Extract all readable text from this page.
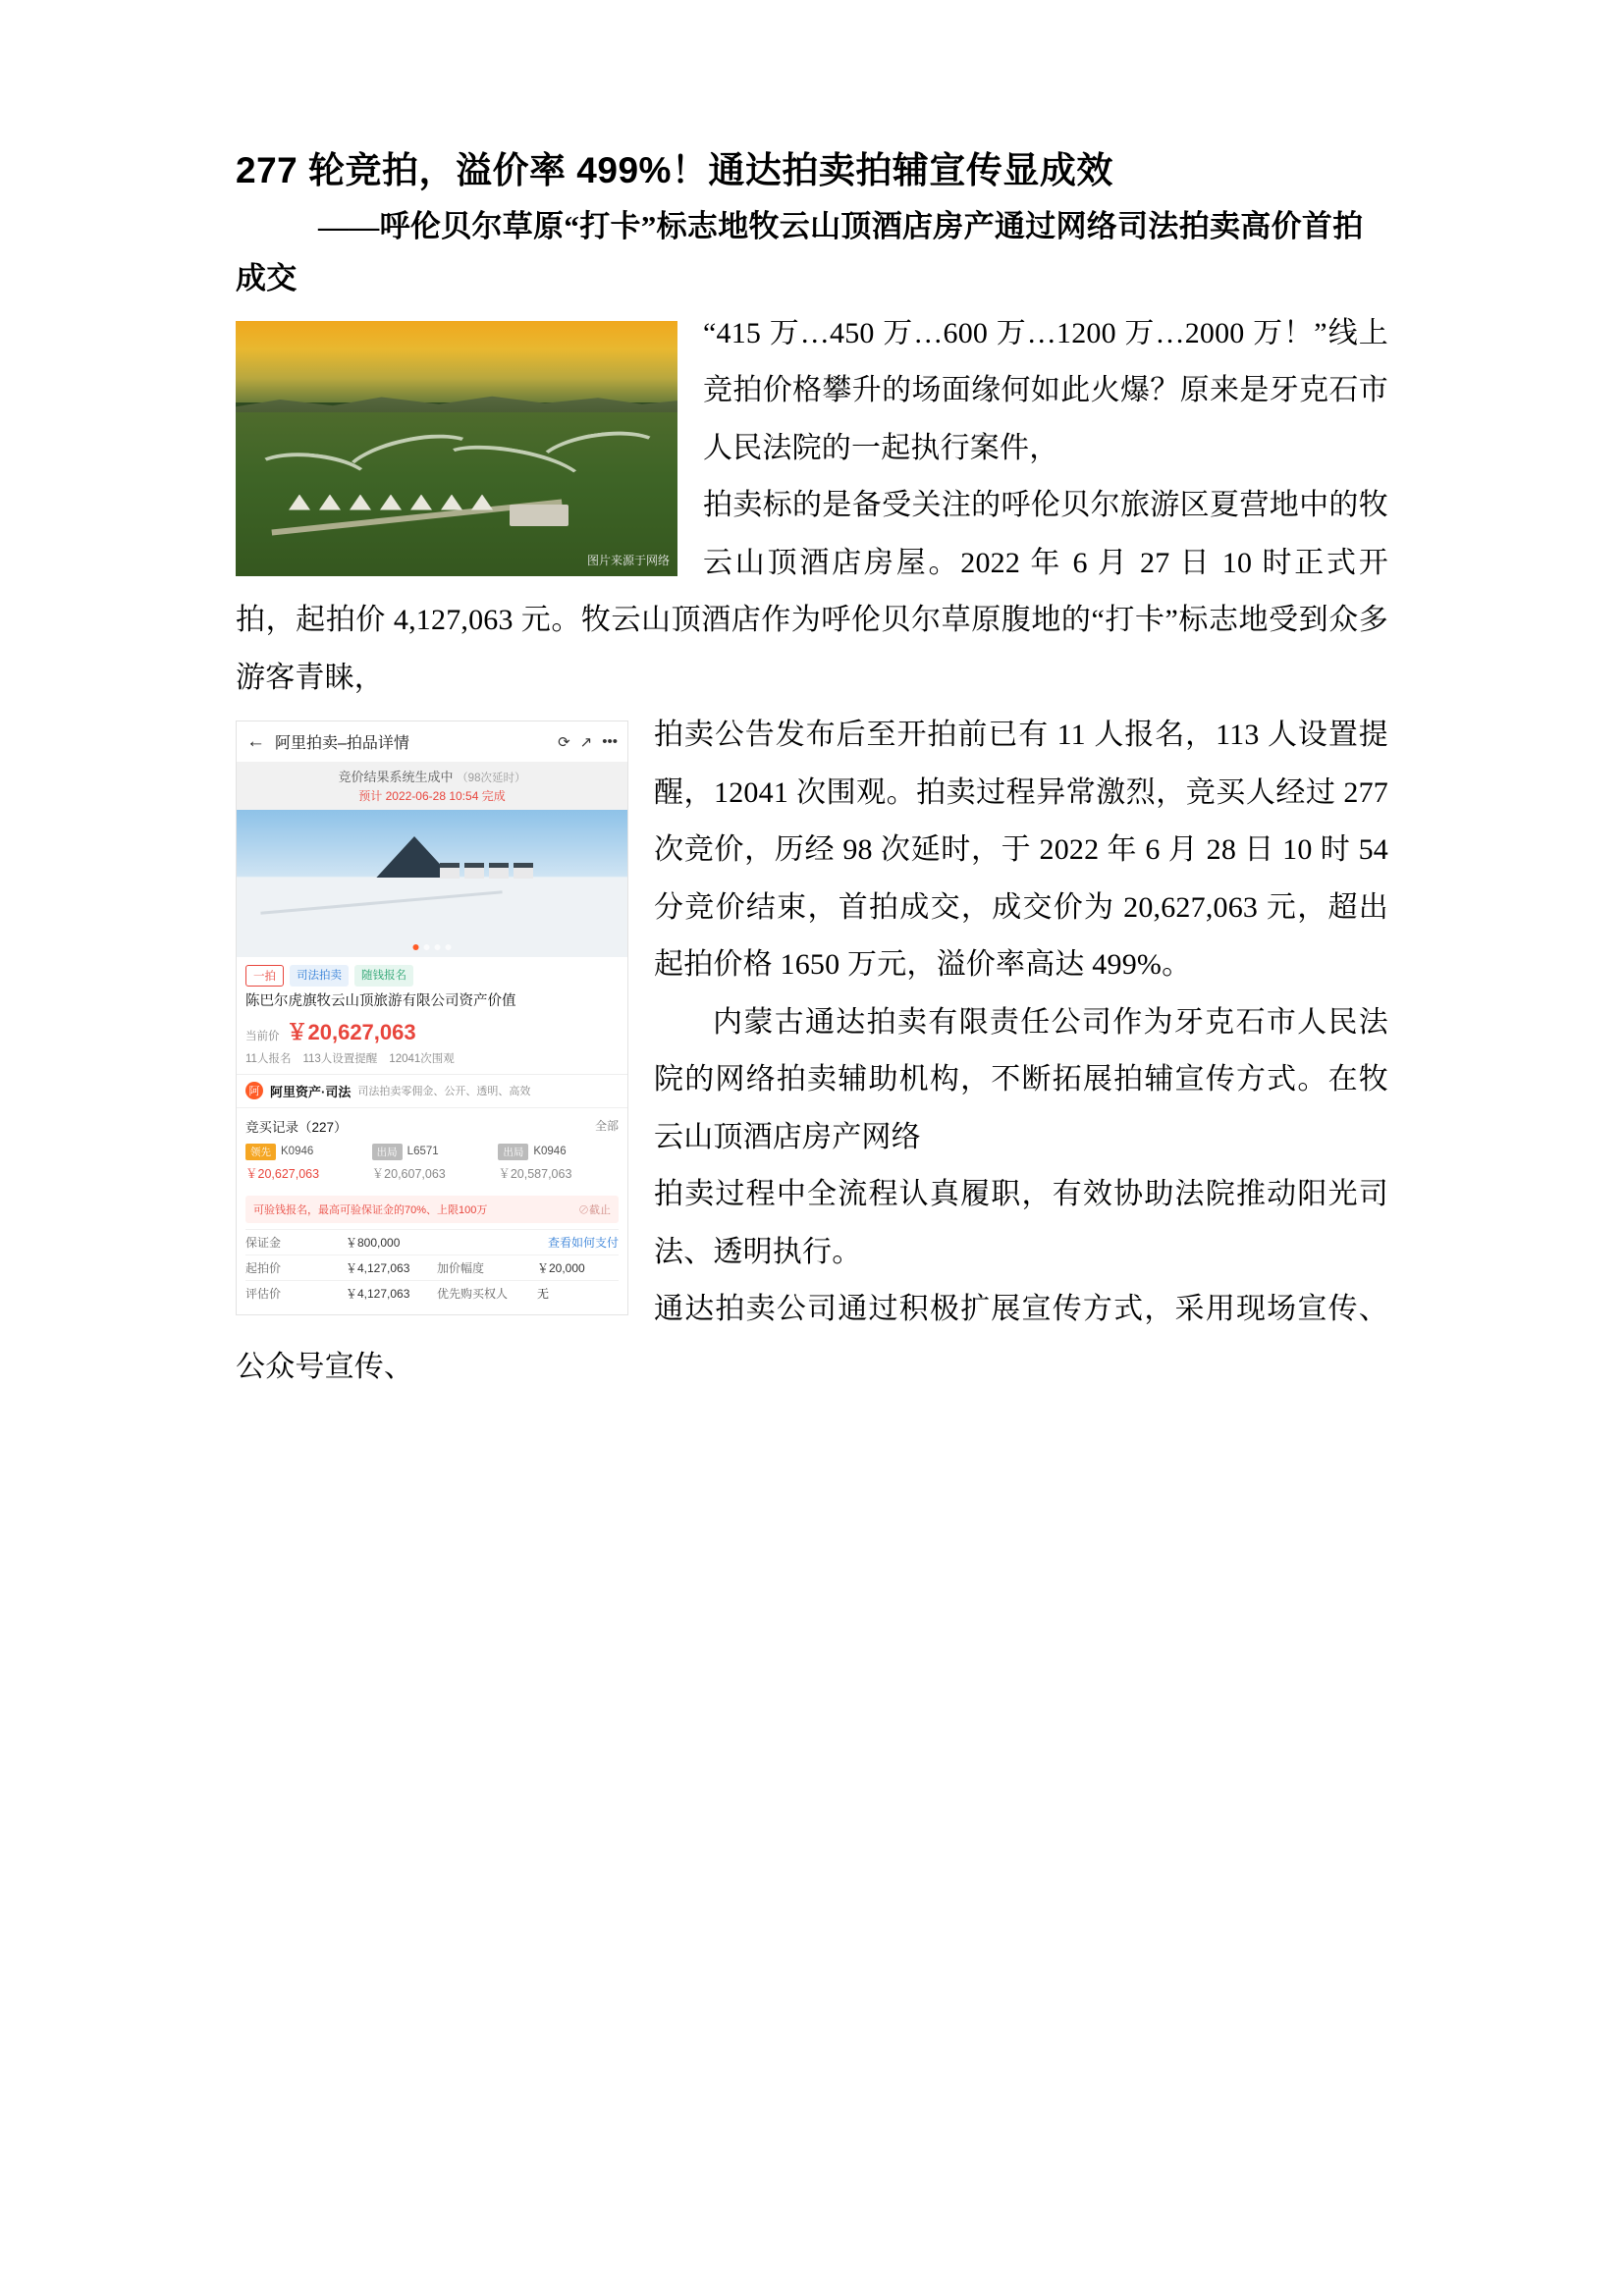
277 轮竞拍，溢价率 499%！通达拍卖拍辅宣传显成效

——呼伦贝尔草原“打卡”标志地牧云山顶酒店房产通过网络司法拍卖高价首拍成交

图片来源于网络

“415 万…450 万…600 万…1200 万…2000 万！”线上竞拍价格攀升的场面缘何如此火爆？原来是牙克石市人民法院的一起执行案件，

拍卖标的是备受关注的呼伦贝尔旅游区夏营地中的牧云山顶酒店房屋。2022 年 6 月 27 日 10 时正式开拍，起拍价 4,127,063 元。牧云山顶酒店作为呼伦贝尔草原腹地的“打卡”标志地受到众多游客青睐，

← 阿里拍卖–拍品详情	⟳ ↗ •••
竞价结果系统生成中 （98次延时）
预计 2022-06-28 10:54 完成
一拍	司法拍卖	随钱报名
陈巴尔虎旗牧云山顶旅游有限公司资产价值
当前价 ￥20,627,063
11人报名 113人设置提醒 12041次围观
阿 阿里资产·司法 司法拍卖零佣金、公开、透明、高效
竞买记录（227）	全部
领先 K0946	出局 L6571	出局 K0946
￥20,627,063	￥20,607,063	￥20,587,063
可验钱报名，最高可验保证金的70%、上限100万	⊘截止
保证金	￥800,000	查看如何支付
起拍价	￥4,127,063	加价幅度	￥20,000
评估价	￥4,127,063	优先购买权人	无

拍卖公告发布后至开拍前已有 11 人报名，113 人设置提醒，12041 次围观。拍卖过程异常激烈，竞买人经过 277 次竞价，历经 98 次延时，于 2022 年 6 月 28 日 10 时 54 分竞价结束，首拍成交，成交价为 20,627,063 元，超出起拍价格 1650 万元，溢价率高达 499%。

内蒙古通达拍卖有限责任公司作为牙克石市人民法院的网络拍卖辅助机构，不断拓展拍辅宣传方式。在牧云山顶酒店房产网络

拍卖过程中全流程认真履职，有效协助法院推动阳光司法、透明执行。

通达拍卖公司通过积极扩展宣传方式，采用现场宣传、公众号宣传、
